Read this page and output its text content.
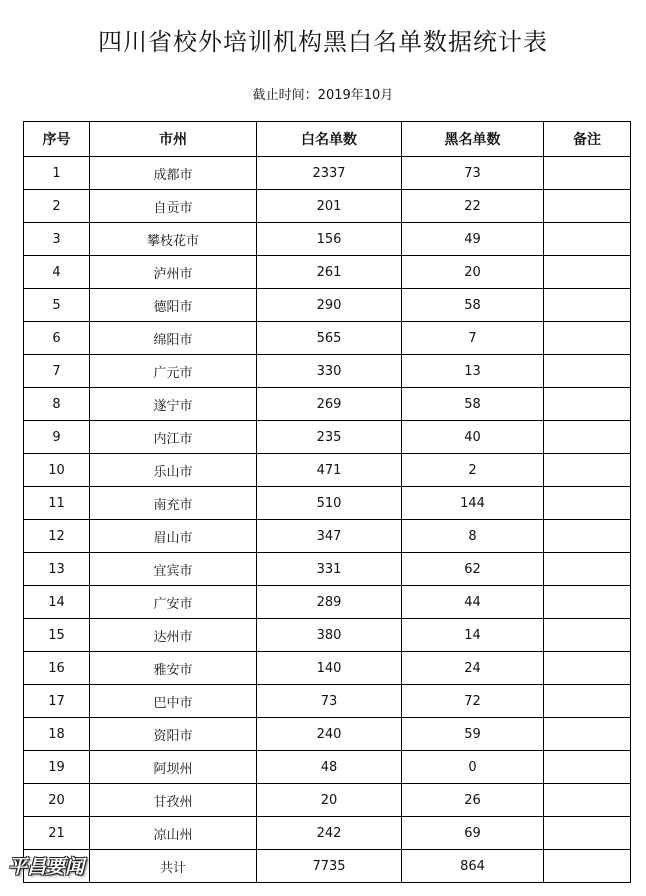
四川省校外培训机构黑白名单数据统计表
截止时间：2019年10月
序号	市州	白名单数	黑名单数	备注
1	成都市	2337	73	
2	自贡市	201	22	
3	攀枝花市	156	49	
4	泸州市	261	20	
5	德阳市	290	58	
6	绵阳市	565	7	
7	广元市	330	13	
8	遂宁市	269	58	
9	内江市	235	40	
10	乐山市	471	2	
11	南充市	510	144	
12	眉山市	347	8	
13	宜宾市	331	62	
14	广安市	289	44	
15	达州市	380	14	
16	雅安市	140	24	
17	巴中市	73	72	
18	资阳市	240	59	
19	阿坝州	48	0	
20	甘孜州	20	26	
21	凉山州	242	69	
	共计	7735	864	
平昌要闻
